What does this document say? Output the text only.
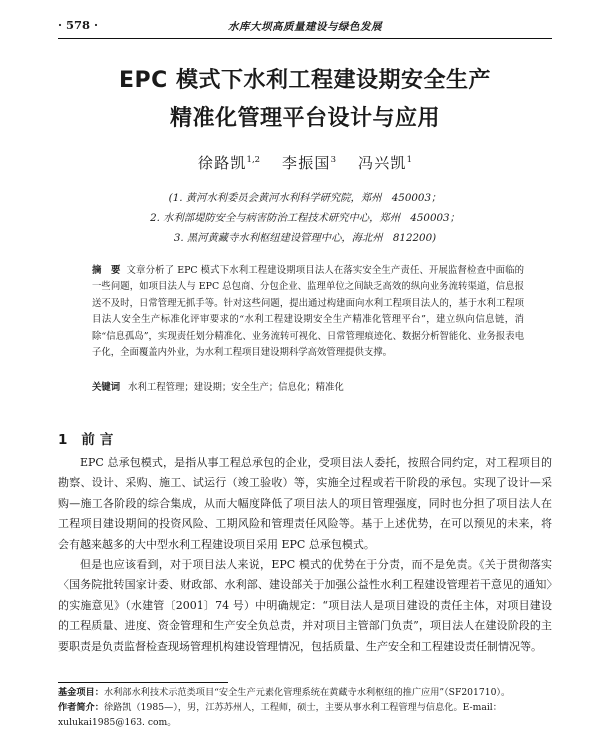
· 578 ·	水库大坝高质量建设与绿色发展
EPC 模式下水利工程建设期安全生产
精准化管理平台设计与应用
徐路凯$^{1,2}$ 李振国$^3$ 冯兴凯$^1$
(1. 黄河水利委员会黄河水利科学研究院，郑州　450003；
2. 水利部堤防安全与病害防治工程技术研究中心，郑州　450003；
3. 黑河黄藏寺水利枢纽建设管理中心，海北州　812200)
摘　要 文章分析了 EPC 模式下水利工程建设期项目法人在落实安全生产责任、开展监督检查中面临的一些问题，如项目法人与 EPC 总包商、分包企业、监理单位之间缺乏高效的纵向业务流转渠道，信息报送不及时，日常管理无抓手等。针对这些问题，提出通过构建面向水利工程项目法人的，基于水利工程项目法人安全生产标准化评审要求的“水利工程建设期安全生产精准化管理平台”，建立纵向信息链，消除“信息孤岛”，实现责任划分精准化、业务流转可视化、日常管理痕迹化、数据分析智能化、业务报表电子化，全面覆盖内外业，为水利工程项目建设期科学高效管理提供支撑。
关键词 水利工程管理；建设期；安全生产；信息化；精准化
1 前言

EPC 总承包模式，是指从事工程总承包的企业，受项目法人委托，按照合同约定，对工程项目的勘察、设计、采购、施工、试运行（竣工验收）等，实施全过程或若干阶段的承包。实现了设计—采购—施工各阶段的综合集成，从而大幅度降低了项目法人的项目管理强度，同时也分担了项目法人在工程项目建设期间的投资风险、工期风险和管理责任风险等。基于上述优势，在可以预见的未来，将会有越来越多的大中型水利工程建设项目采用 EPC 总承包模式。

但是也应该看到，对于项目法人来说，EPC 模式的优势在于分责，而不是免责。《关于贯彻落实〈国务院批转国家计委、财政部、水利部、建设部关于加强公益性水利工程建设管理若干意见的通知〉的实施意见》（水建管〔2001〕74 号）中明确规定：“项目法人是项目建设的责任主体，对项目建设的工程质量、进度、资金管理和生产安全负总责，并对项目主管部门负责”，项目法人在建设阶段的主要职责是负责监督检查现场管理机构建设管理情况，包括质量、生产安全和工程建设责任制情况等。

基金项目：水利部水利技术示范类项目“安全生产元素化管理系统在黄藏寺水利枢纽的推广应用”（SF201710）。

作者简介：徐路凯（1985—），男，江苏苏州人，工程师，硕士，主要从事水利工程管理与信息化。E-mail：xulukai1985@163. com。
